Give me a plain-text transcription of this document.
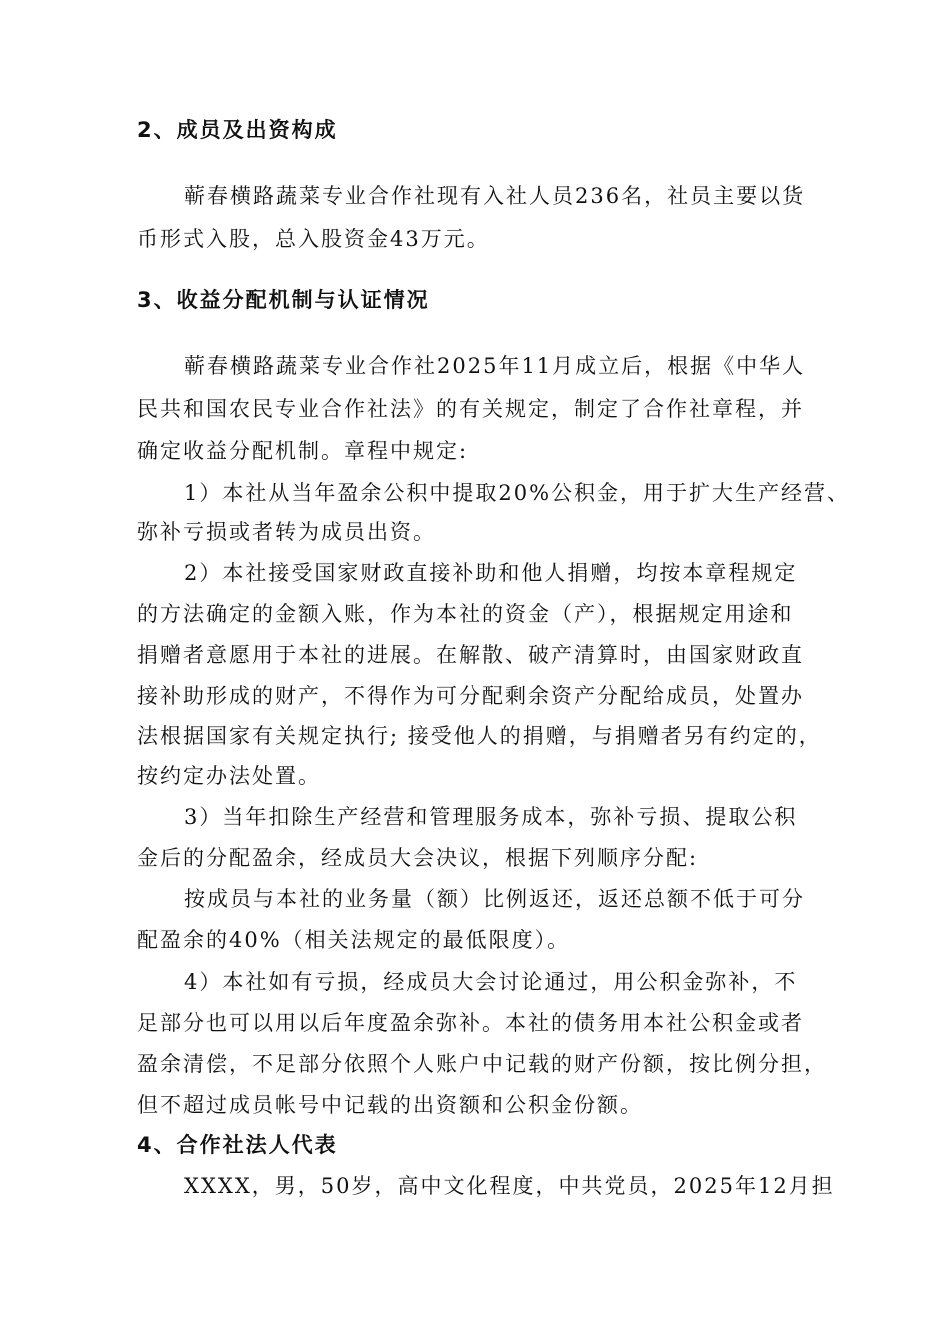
2、成员及出资构成
蕲春横路蔬菜专业合作社现有入社人员236名，社员主要以货
币形式入股，总入股资金43万元。
3、收益分配机制与认证情况
蕲春横路蔬菜专业合作社2025年11月成立后，根据《中华人
民共和国农民专业合作社法》的有关规定，制定了合作社章程，并
确定收益分配机制。章程中规定:
1）本社从当年盈余公积中提取20%公积金，用于扩大生产经营、
弥补亏损或者转为成员出资。
2）本社接受国家财政直接补助和他人捐赠，均按本章程规定
的方法确定的金额入账，作为本社的资金（产），根据规定用途和
捐赠者意愿用于本社的进展。在解散、破产清算时，由国家财政直
接补助形成的财产，不得作为可分配剩余资产分配给成员，处置办
法根据国家有关规定执行; 接受他人的捐赠，与捐赠者另有约定的，
按约定办法处置。
3）当年扣除生产经营和管理服务成本，弥补亏损、提取公积
金后的分配盈余，经成员大会决议，根据下列顺序分配:
按成员与本社的业务量（额）比例返还，返还总额不低于可分
配盈余的40%（相关法规定的最低限度）。
4）本社如有亏损，经成员大会讨论通过，用公积金弥补，不
足部分也可以用以后年度盈余弥补。本社的债务用本社公积金或者
盈余清偿，不足部分依照个人账户中记载的财产份额，按比例分担，
但不超过成员帐号中记载的出资额和公积金份额。
4、合作社法人代表
XXXX，男，50岁，高中文化程度，中共党员，2025年12月担
